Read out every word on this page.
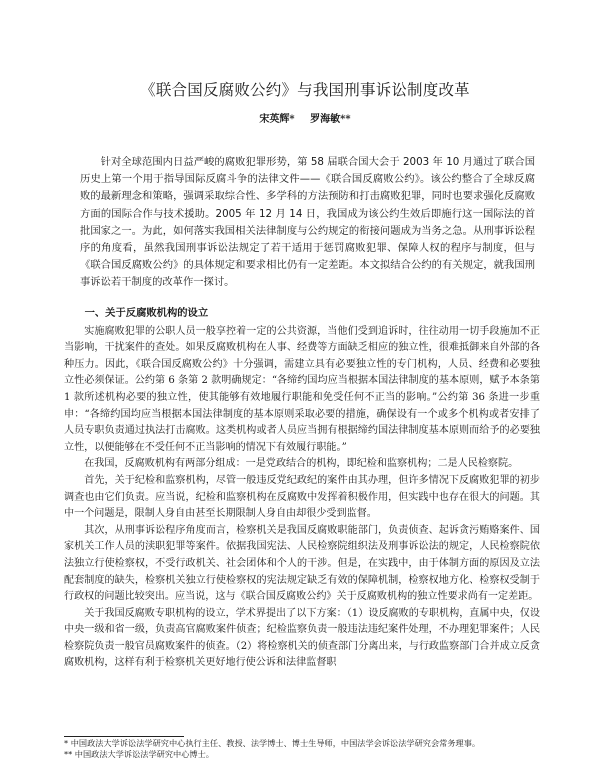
《联合国反腐败公约》与我国刑事诉讼制度改革
宋英辉* 罗海敏**
针对全球范围内日益严峻的腐败犯罪形势，第 58 届联合国大会于 2003 年 10 月通过了联合国历史上第一个用于指导国际反腐斗争的法律文件——《联合国反腐败公约》。该公约整合了全球反腐败的最新理念和策略，强调采取综合性、多学科的方法预防和打击腐败犯罪，同时也要求强化反腐败方面的国际合作与技术援助。2005 年 12 月 14 日，我国成为该公约生效后即施行这一国际法的首批国家之一。为此，如何落实我国相关法律制度与公约规定的衔接问题成为当务之急。从刑事诉讼程序的角度看，虽然我国刑事诉讼法规定了若干适用于惩罚腐败犯罪、保障人权的程序与制度，但与《联合国反腐败公约》的具体规定和要求相比仍有一定差距。本文拟结合公约的有关规定，就我国刑事诉讼若干制度的改革作一探讨。
一、关于反腐败机构的设立

实施腐败犯罪的公职人员一般享控着一定的公共资源，当他们受到追诉时，往往动用一切手段施加不正当影响，干扰案件的查处。如果反腐败机构在人事、经费等方面缺乏相应的独立性，很难抵御来自外部的各种压力。因此，《联合国反腐败公约》十分强调，需建立具有必要独立性的专门机构，人员、经费和必要独立性必须保证。公约第 6 条第 2 款明确规定：“各缔约国均应当根据本国法律制度的基本原则，赋予本条第 1 款所述机构必要的独立性，使其能够有效地履行职能和免受任何不正当的影响。”公约第 36 条进一步重申：“各缔约国均应当根据本国法律制度的基本原则采取必要的措施，确保设有一个或多个机构或者安排了人员专职负责通过执法打击腐败。这类机构或者人员应当拥有根据缔约国法律制度基本原则而给予的必要独立性，以便能够在不受任何不正当影响的情况下有效履行职能。”

在我国，反腐败机构有两部分组成：一是党政结合的机构，即纪检和监察机构；二是人民检察院。

首先，关于纪检和监察机构，尽管一般违反党纪政纪的案件由其办理，但许多情况下反腐败犯罪的初步调查也由它们负责。应当说，纪检和监察机构在反腐败中发挥着积极作用，但实践中也存在很大的问题。其中一个问题是，限制人身自由甚至长期限制人身自由却很少受到监督。

其次，从刑事诉讼程序角度而言，检察机关是我国反腐败职能部门，负责侦查、起诉贪污贿赂案件、国家机关工作人员的渎职犯罪等案件。依据我国宪法、人民检察院组织法及刑事诉讼法的规定，人民检察院依法独立行使检察权，不受行政机关、社会团体和个人的干涉。但是，在实践中，由于体制方面的原因及立法配套制度的缺失，检察机关独立行使检察权的宪法规定缺乏有效的保障机制，检察权地方化、检察权受制于行政权的问题比较突出。应当说，这与《联合国反腐败公约》关于反腐败机构的独立性要求尚有一定差距。

关于我国反腐败专职机构的设立，学术界提出了以下方案：（1）设反腐败的专职机构，直属中央，仅设中央一级和省一级，负责高官腐败案件侦查；纪检监察负责一般违法违纪案件处理，不办理犯罪案件；人民检察院负责一般官员腐败案件的侦查。（2）将检察机关的侦查部门分离出来，与行政监察部门合并成立反贪腐败机构，这样有利于检察机关更好地行使公诉和法律监督职

* 中国政法大学诉讼法学研究中心执行主任、教授、法学博士、博士生导师，中国法学会诉讼法学研究会常务理事。
** 中国政法大学诉讼法学研究中心博士。
